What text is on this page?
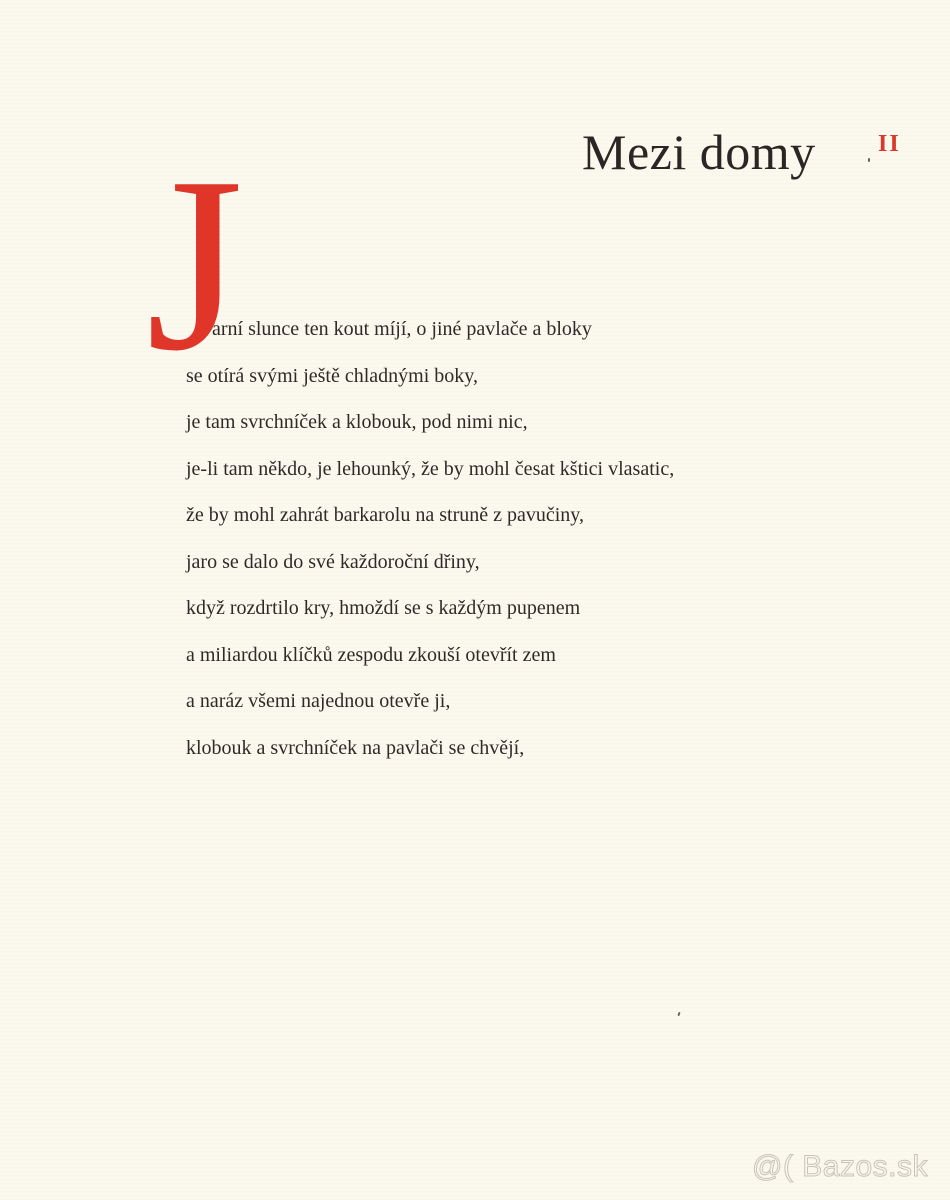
Mezi domy	II
J
arní slunce ten kout míjí, o jiné pavlače a bloky
se otírá svými ještě chladnými boky,
je tam svrchníček a klobouk, pod nimi nic,
je-li tam někdo, je lehounký, že by mohl česat kštici vlasatic,
že by mohl zahrát barkarolu na struně z pavučiny,
jaro se dalo do své každoroční dřiny,
když rozdrtilo kry, hmoždí se s každým pupenem
a miliardou klíčků zespodu zkouší otevřít zem
a naráz všemi najednou otevře ji,
klobouk a svrchníček na pavlači se chvějí,
@( Bazos.sk
